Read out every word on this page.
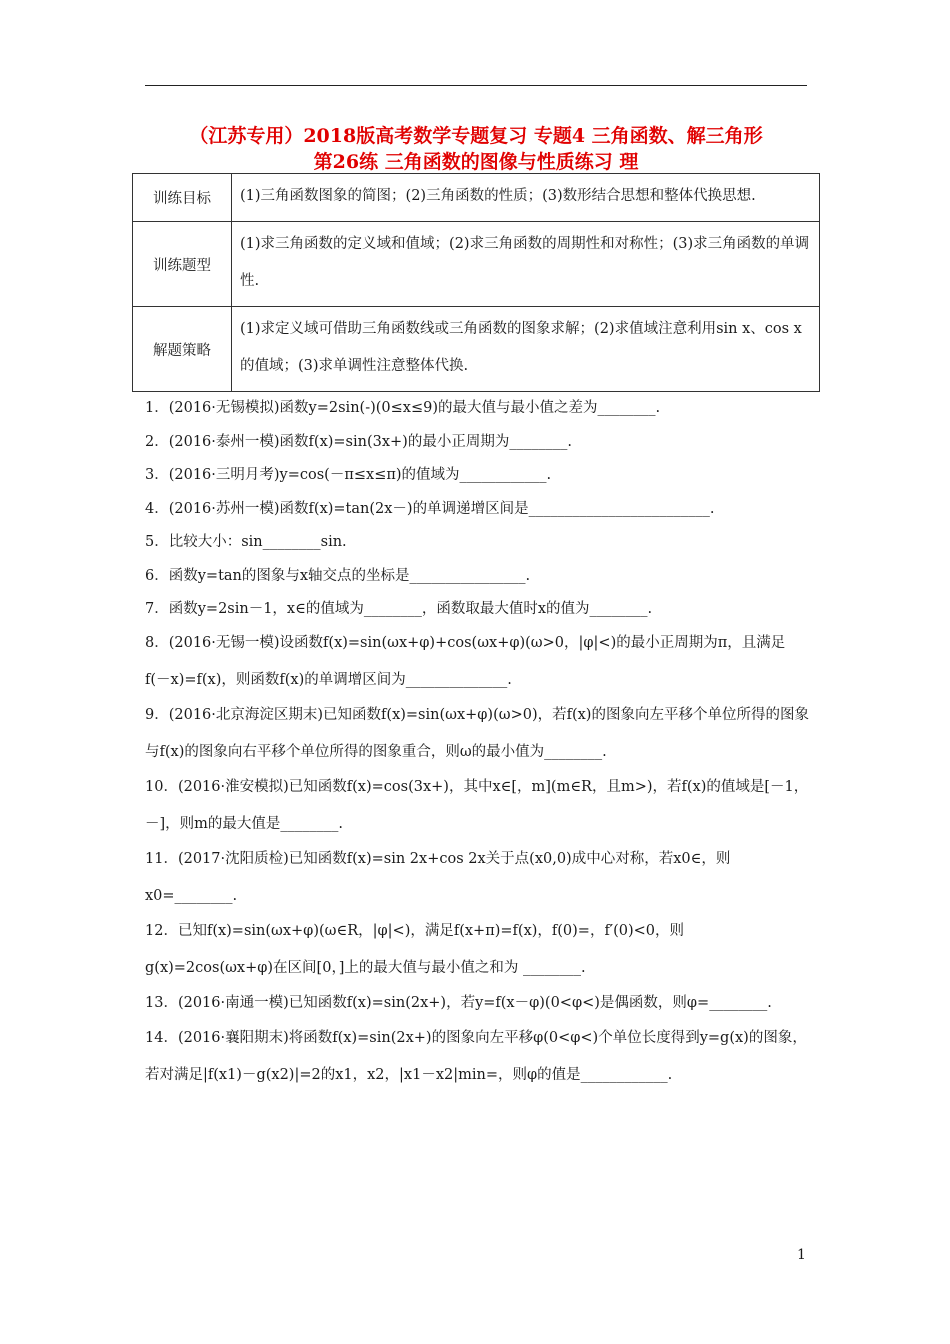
（江苏专用）2018版高考数学专题复习 专题4 三角函数、解三角形
第26练 三角函数的图像与性质练习 理
训练目标	(1)三角函数图象的简图；(2)三角函数的性质；(3)数形结合思想和整体代换思想.
训练题型	(1)求三角函数的定义域和值域；(2)求三角函数的周期性和对称性；(3)求三角函数的单调性.
解题策略	(1)求定义域可借助三角函数线或三角函数的图象求解；(2)求值域注意利用sin x、cos x的值域；(3)求单调性注意整体代换.
1．(2016·无锡模拟)函数y=2sin(-)(0≤x≤9)的最大值与最小值之差为________.
2．(2016·泰州一模)函数f(x)=sin(3x+)的最小正周期为________.
3．(2016·三明月考)y=cos(－π≤x≤π)的值域为____________.
4．(2016·苏州一模)函数f(x)=tan(2x－)的单调递增区间是_________________________.
5．比较大小：sin________sin.
6．函数y=tan的图象与x轴交点的坐标是________________.
7．函数y=2sin－1，x∈的值域为________，函数取最大值时x的值为________.
8．(2016·无锡一模)设函数f(x)=sin(ωx+φ)+cos(ωx+φ)(ω>0，|φ|<)的最小正周期为π，且满足f(－x)=f(x)，则函数f(x)的单调增区间为______________.
9．(2016·北京海淀区期末)已知函数f(x)=sin(ωx+φ)(ω>0)，若f(x)的图象向左平移个单位所得的图象与f(x)的图象向右平移个单位所得的图象重合，则ω的最小值为________.
10．(2016·淮安模拟)已知函数f(x)=cos(3x+)，其中x∈[，m](m∈R，且m>)，若f(x)的值域是[－1，－]，则m的最大值是________.
11．(2017·沈阳质检)已知函数f(x)=sin 2x+cos 2x关于点(x0,0)成中心对称，若x0∈，则x0=________.
12．已知f(x)=sin(ωx+φ)(ω∈R，|φ|<)，满足f(x+π)=f(x)，f(0)=，f′(0)<0，则g(x)=2cos(ωx+φ)在区间[0，]上的最大值与最小值之和为 ________.
13．(2016·南通一模)已知函数f(x)=sin(2x+)，若y=f(x－φ)(0<φ<)是偶函数，则φ=________.
14．(2016·襄阳期末)将函数f(x)=sin(2x+)的图象向左平移φ(0<φ<)个单位长度得到y=g(x)的图象，若对满足|f(x1)－g(x2)|=2的x1，x2，|x1－x2|min=，则φ的值是____________.
1
